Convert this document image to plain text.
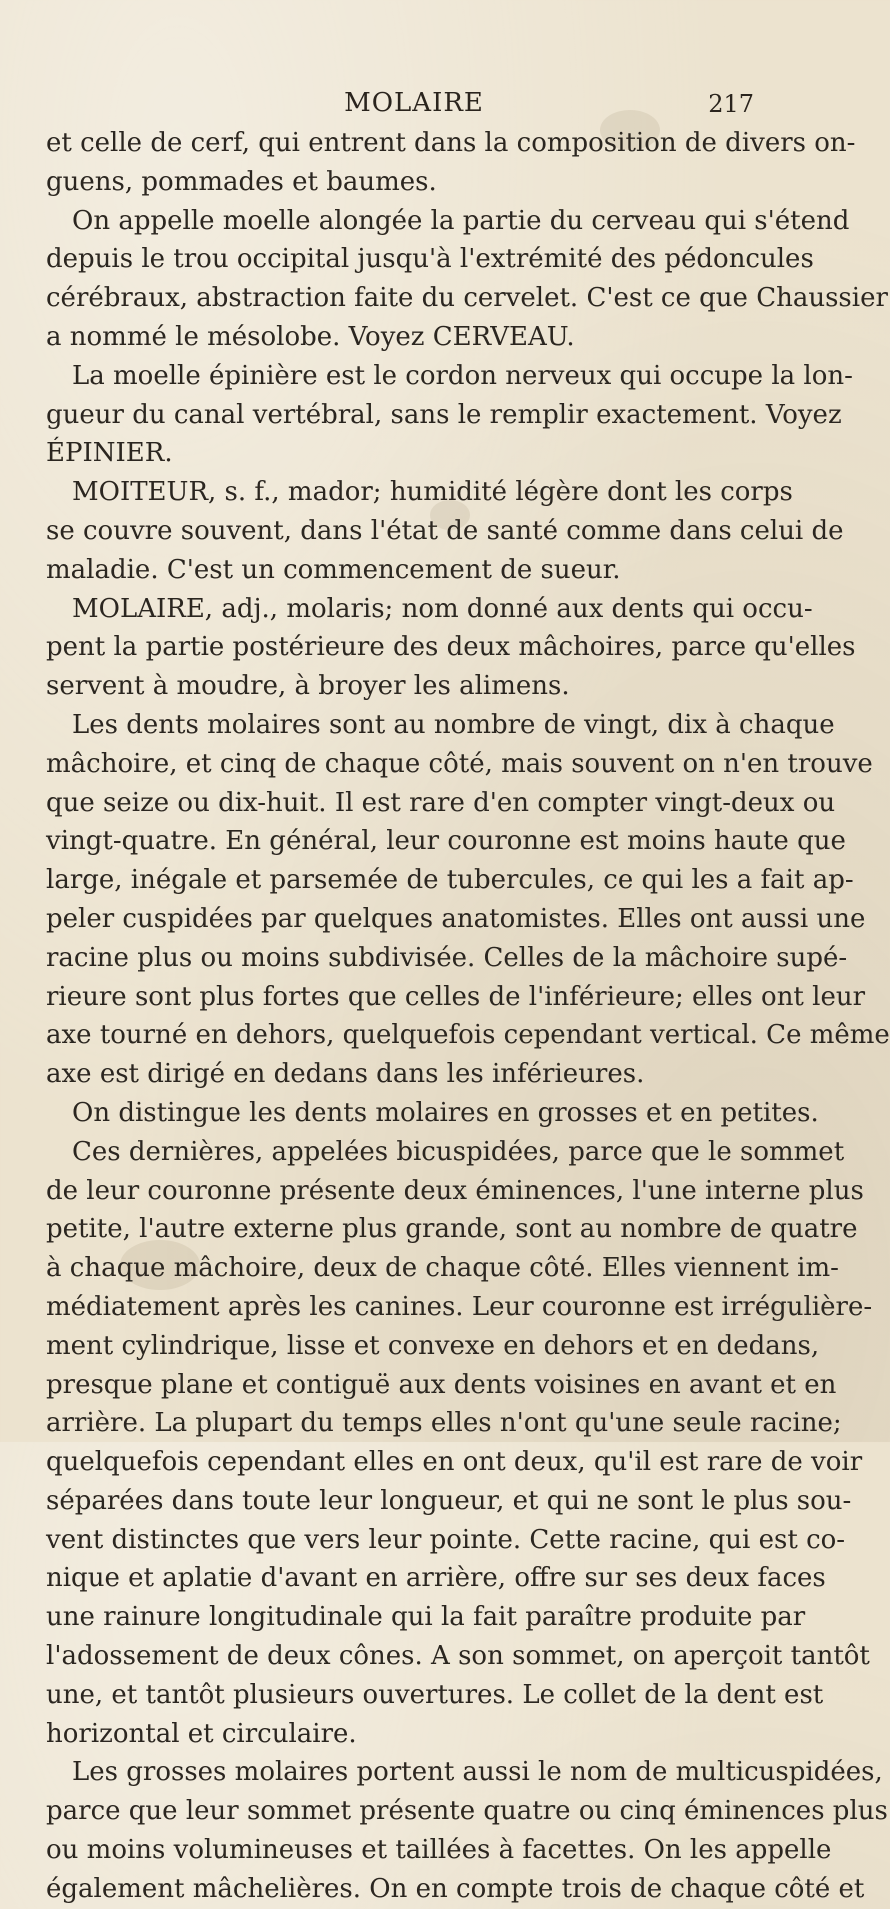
MOLAIRE	217
et celle de cerf, qui entrent dans la composition de divers on-
guens, pommades et baumes.
On appelle moelle alongée la partie du cerveau qui s'étend
depuis le trou occipital jusqu'à l'extrémité des pédoncules
cérébraux, abstraction faite du cervelet. C'est ce que Chaussier
a nommé le mésolobe. Voyez CERVEAU.
La moelle épinière est le cordon nerveux qui occupe la lon-
gueur du canal vertébral, sans le remplir exactement. Voyez
ÉPINIER.
MOITEUR, s. f., mador; humidité légère dont les corps
se couvre souvent, dans l'état de santé comme dans celui de
maladie. C'est un commencement de sueur.
MOLAIRE, adj., molaris; nom donné aux dents qui occu-
pent la partie postérieure des deux mâchoires, parce qu'elles
servent à moudre, à broyer les alimens.
Les dents molaires sont au nombre de vingt, dix à chaque
mâchoire, et cinq de chaque côté, mais souvent on n'en trouve
que seize ou dix-huit. Il est rare d'en compter vingt-deux ou
vingt-quatre. En général, leur couronne est moins haute que
large, inégale et parsemée de tubercules, ce qui les a fait ap-
peler cuspidées par quelques anatomistes. Elles ont aussi une
racine plus ou moins subdivisée. Celles de la mâchoire supé-
rieure sont plus fortes que celles de l'inférieure; elles ont leur
axe tourné en dehors, quelquefois cependant vertical. Ce même
axe est dirigé en dedans dans les inférieures.
On distingue les dents molaires en grosses et en petites.
Ces dernières, appelées bicuspidées, parce que le sommet
de leur couronne présente deux éminences, l'une interne plus
petite, l'autre externe plus grande, sont au nombre de quatre
à chaque mâchoire, deux de chaque côté. Elles viennent im-
médiatement après les canines. Leur couronne est irrégulière-
ment cylindrique, lisse et convexe en dehors et en dedans,
presque plane et contiguë aux dents voisines en avant et en
arrière. La plupart du temps elles n'ont qu'une seule racine;
quelquefois cependant elles en ont deux, qu'il est rare de voir
séparées dans toute leur longueur, et qui ne sont le plus sou-
vent distinctes que vers leur pointe. Cette racine, qui est co-
nique et aplatie d'avant en arrière, offre sur ses deux faces
une rainure longitudinale qui la fait paraître produite par
l'adossement de deux cônes. A son sommet, on aperçoit tantôt
une, et tantôt plusieurs ouvertures. Le collet de la dent est
horizontal et circulaire.
Les grosses molaires portent aussi le nom de multicuspidées,
parce que leur sommet présente quatre ou cinq éminences plus
ou moins volumineuses et taillées à facettes. On les appelle
également mâchelières. On en compte trois de chaque côté et
